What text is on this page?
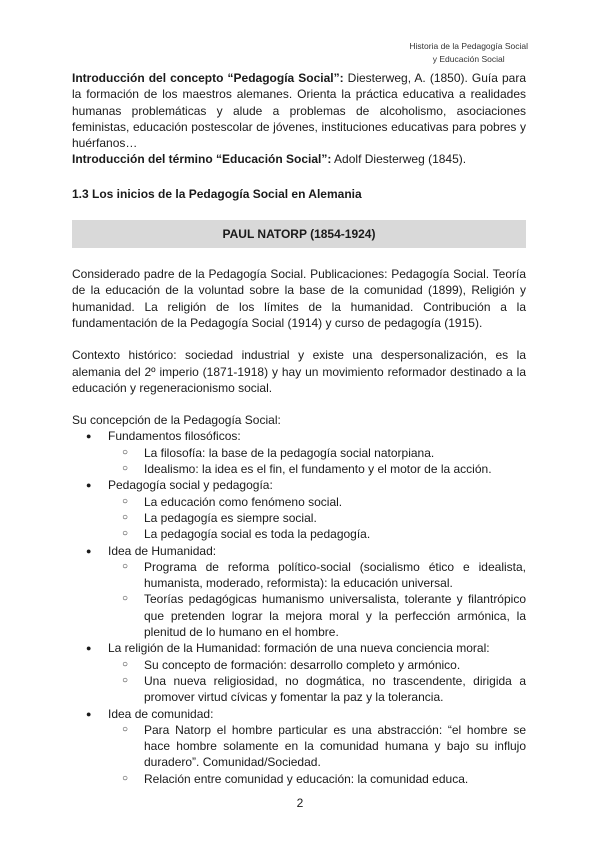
Historia de la Pedagogía Social
y Educación Social

Introducción del concepto “Pedagogía Social”: Diesterweg, A. (1850). Guía para la formación de los maestros alemanes. Orienta la práctica educativa a realidades humanas problemáticas y alude a problemas de alcoholismo, asociaciones feministas, educación postescolar de jóvenes, instituciones educativas para pobres y huérfanos…

Introducción del término “Educación Social”: Adolf Diesterweg (1845).

1.3 Los inicios de la Pedagogía Social en Alemania
PAUL NATORP (1854-1924)

Considerado padre de la Pedagogía Social. Publicaciones: Pedagogía Social. Teoría de la educación de la voluntad sobre la base de la comunidad (1899), Religión y humanidad. La religión de los límites de la humanidad. Contribución a la fundamentación de la Pedagogía Social (1914) y curso de pedagogía (1915).

Contexto histórico: sociedad industrial y existe una despersonalización, es la alemania del 2º imperio (1871-1918) y hay un movimiento reformador destinado a la educación y regeneracionismo social.

Su concepción de la Pedagogía Social:

● Fundamentos filosóficos:
○ La filosofía: la base de la pedagogía social natorpiana.
○ Idealismo: la idea es el fin, el fundamento y el motor de la acción.
● Pedagogía social y pedagogía:
○ La educación como fenómeno social.
○ La pedagogía es siempre social.
○ La pedagogía social es toda la pedagogía.
● Idea de Humanidad:
○ Programa de reforma político-social (socialismo ético e idealista, humanista, moderado, reformista): la educación universal.
○ Teorías pedagógicas humanismo universalista, tolerante y filantrópico que pretenden lograr la mejora moral y la perfección armónica, la plenitud de lo humano en el hombre.
● La religión de la Humanidad: formación de una nueva conciencia moral:
○ Su concepto de formación: desarrollo completo y armónico.
○ Una nueva religiosidad, no dogmática, no trascendente, dirigida a promover virtud cívicas y fomentar la paz y la tolerancia.
● Idea de comunidad:
○ Para Natorp el hombre particular es una abstracción: “el hombre se hace hombre solamente en la comunidad humana y bajo su influjo duradero”. Comunidad/Sociedad.
○ Relación entre comunidad y educación: la comunidad educa.
2
